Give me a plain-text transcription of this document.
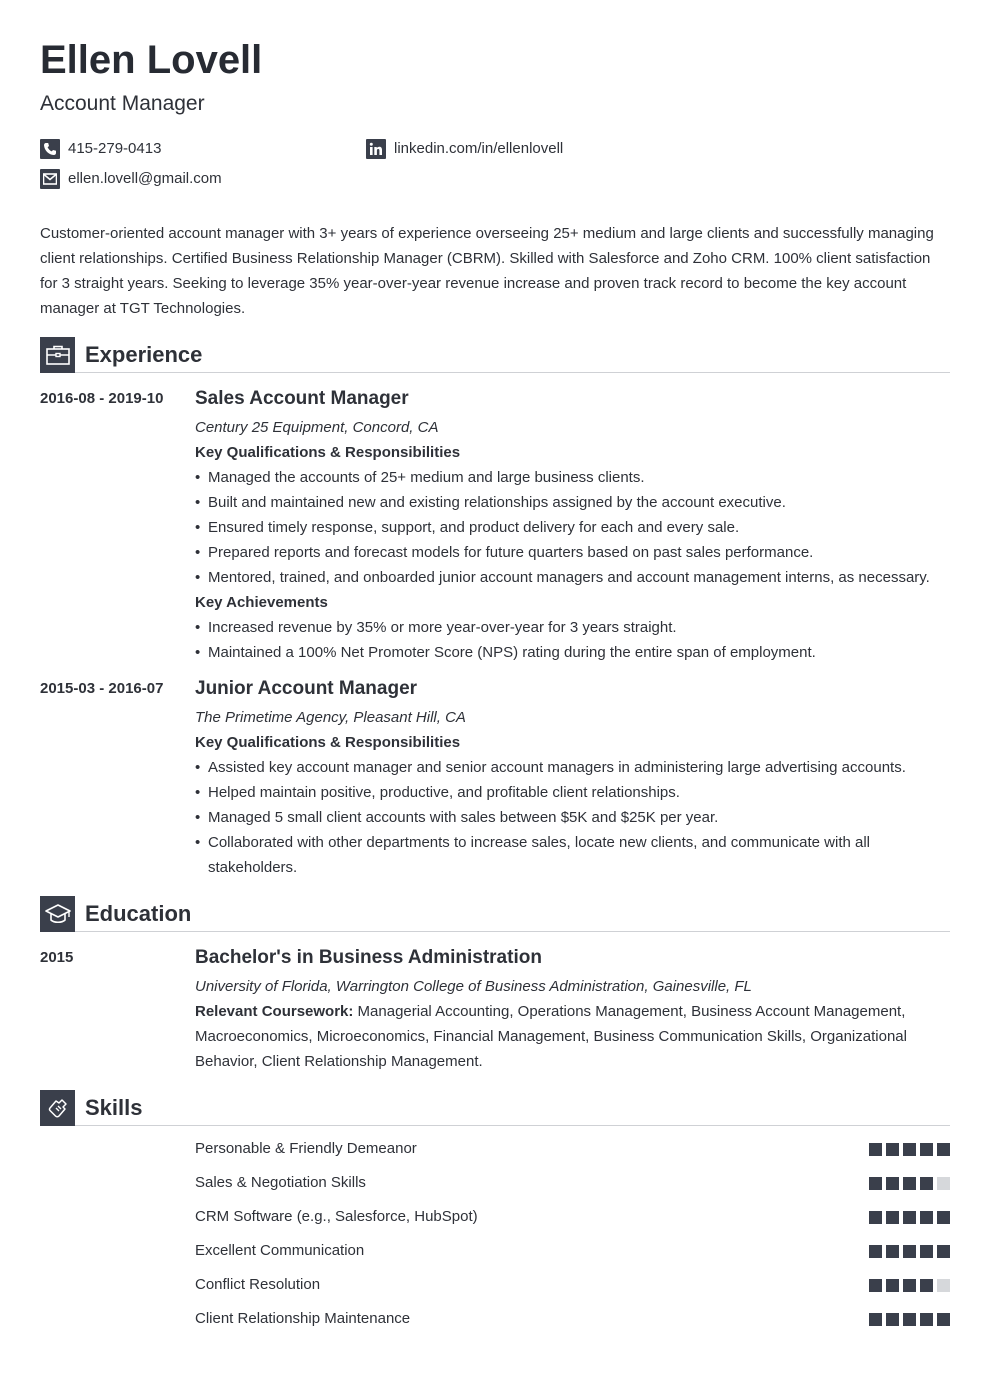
Ellen Lovell
Account Manager
415-279-0413	linkedin.com/in/ellenlovell
ellen.lovell@gmail.com
Customer-oriented account manager with 3+ years of experience overseeing 25+ medium and large clients and successfully managing client relationships. Certified Business Relationship Manager (CBRM). Skilled with Salesforce and Zoho CRM. 100% client satisfaction for 3 straight years. Seeking to leverage 35% year-over-year revenue increase and proven track record to become the key account manager at TGT Technologies.
Experience
2016-08 - 2019-10 Sales Account Manager
Century 25 Equipment, Concord, CA
Key Qualifications & Responsibilities
• Managed the accounts of 25+ medium and large business clients.
• Built and maintained new and existing relationships assigned by the account executive.
• Ensured timely response, support, and product delivery for each and every sale.
• Prepared reports and forecast models for future quarters based on past sales performance.
• Mentored, trained, and onboarded junior account managers and account management interns, as necessary.
Key Achievements
• Increased revenue by 35% or more year-over-year for 3 years straight.
• Maintained a 100% Net Promoter Score (NPS) rating during the entire span of employment.
2015-03 - 2016-07 Junior Account Manager
The Primetime Agency, Pleasant Hill, CA
Key Qualifications & Responsibilities
• Assisted key account manager and senior account managers in administering large advertising accounts.
• Helped maintain positive, productive, and profitable client relationships.
• Managed 5 small client accounts with sales between $5K and $25K per year.
• Collaborated with other departments to increase sales, locate new clients, and communicate with all stakeholders.
Education
2015	Bachelor's in Business Administration
University of Florida, Warrington College of Business Administration, Gainesville, FL
Relevant Coursework: Managerial Accounting, Operations Management, Business Account Management, Macroeconomics, Microeconomics, Financial Management, Business Communication Skills, Organizational Behavior, Client Relationship Management.
Skills
Personable & Friendly Demeanor
Sales & Negotiation Skills
CRM Software (e.g., Salesforce, HubSpot)
Excellent Communication
Conflict Resolution
Client Relationship Maintenance
